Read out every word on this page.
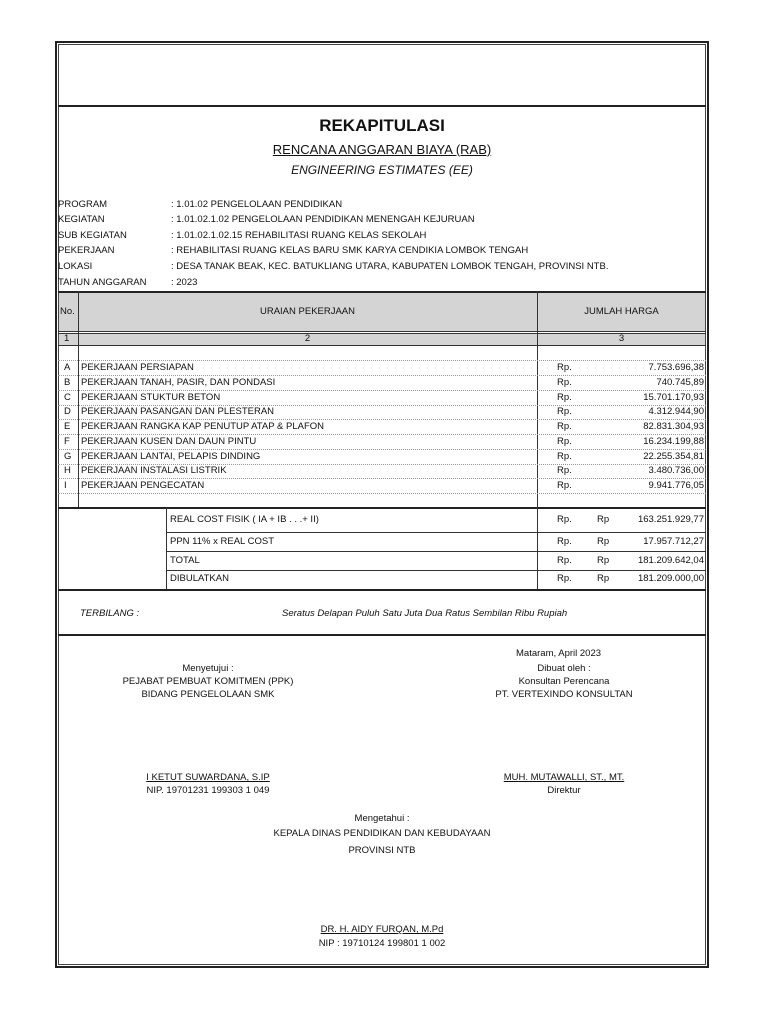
REKAPITULASI
RENCANA ANGGARAN BIAYA (RAB)
ENGINEERING ESTIMATES (EE)
PROGRAM	: 1.01.02 PENGELOLAAN PENDIDIKAN
KEGIATAN	: 1.01.02.1.02 PENGELOLAAN PENDIDIKAN MENENGAH KEJURUAN
SUB KEGIATAN	: 1.01.02.1.02.15 REHABILITASI RUANG KELAS SEKOLAH
PEKERJAAN	: REHABILITASI RUANG KELAS BARU SMK KARYA CENDIKIA LOMBOK TENGAH
LOKASI	: DESA TANAK BEAK, KEC. BATUKLIANG UTARA, KABUPATEN LOMBOK TENGAH, PROVINSI NTB.
TAHUN ANGGARAN	: 2023
No.	URAIAN PEKERJAAN	JUMLAH HARGA
1	2	3
A PEKERJAAN PERSIAPAN	Rp.	7.753.696,38
B PEKERJAAN TANAH, PASIR, DAN PONDASI	Rp.	740.745,89
C PEKERJAAN STUKTUR BETON	Rp.	15.701.170,93
D PEKERJAAN PASANGAN DAN PLESTERAN	Rp.	4.312.944,90
E PEKERJAAN RANGKA KAP PENUTUP ATAP & PLAFON	Rp.	82.831.304,93
F PEKERJAAN KUSEN DAN DAUN PINTU	Rp.	16.234.199,88
G PEKERJAAN LANTAI, PELAPIS DINDING	Rp.	22.255.354,81
H PEKERJAAN INSTALASI LISTRIK	Rp.	3.480.736,00
I PEKERJAAN PENGECATAN	Rp.	9.941.776,05
REAL COST FISIK ( IA + IB . . .+ II)	Rp.	Rp	163.251.929,77
PPN 11% x REAL COST	Rp.	Rp	17.957.712,27
TOTAL	Rp.	Rp	181.209.642,04
DIBULATKAN	Rp.	Rp	181.209.000,00
TERBILANG :	Seratus Delapan Puluh Satu Juta Dua Ratus Sembilan Ribu Rupiah
Mataram, April 2023
Menyetujui :
PEJABAT PEMBUAT KOMITMEN (PPK)
BIDANG PENGELOLAAN SMK
Dibuat oleh :
Konsultan Perencana
PT. VERTEXINDO KONSULTAN
I KETUT SUWARDANA, S.IP
NIP. 19701231 199303 1 049
MUH. MUTAWALLI, ST., MT.
Direktur
Mengetahui :
KEPALA DINAS PENDIDIKAN DAN KEBUDAYAAN
PROVINSI NTB
DR. H. AIDY FURQAN, M.Pd
NIP : 19710124 199801 1 002
